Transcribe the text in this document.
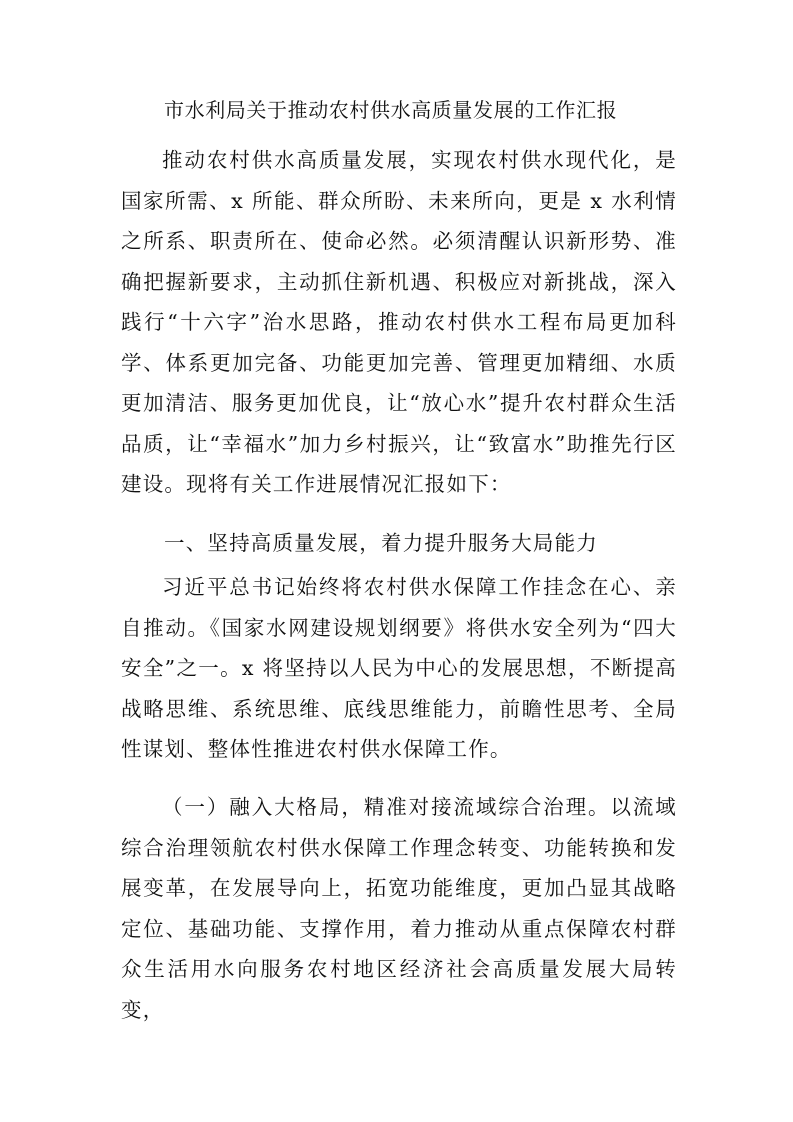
市水利局关于推动农村供水高质量发展的工作汇报

推动农村供水高质量发展，实现农村供水现代化，是国家所需、x 所能、群众所盼、未来所向，更是 x 水利情之所系、职责所在、使命必然。必须清醒认识新形势、准确把握新要求，主动抓住新机遇、积极应对新挑战，深入践行“十六字”治水思路，推动农村供水工程布局更加科学、体系更加完备、功能更加完善、管理更加精细、水质更加清洁、服务更加优良，让“放心水”提升农村群众生活品质，让“幸福水”加力乡村振兴，让“致富水”助推先行区建设。现将有关工作进展情况汇报如下：

一、坚持高质量发展，着力提升服务大局能力

习近平总书记始终将农村供水保障工作挂念在心、亲自推动。《国家水网建设规划纲要》将供水安全列为“四大安全”之一。x 将坚持以人民为中心的发展思想，不断提高战略思维、系统思维、底线思维能力，前瞻性思考、全局性谋划、整体性推进农村供水保障工作。

（一）融入大格局，精准对接流域综合治理。以流域综合治理领航农村供水保障工作理念转变、功能转换和发展变革，在发展导向上，拓宽功能维度，更加凸显其战略定位、基础功能、支撑作用，着力推动从重点保障农村群众生活用水向服务农村地区经济社会高质量发展大局转变，
